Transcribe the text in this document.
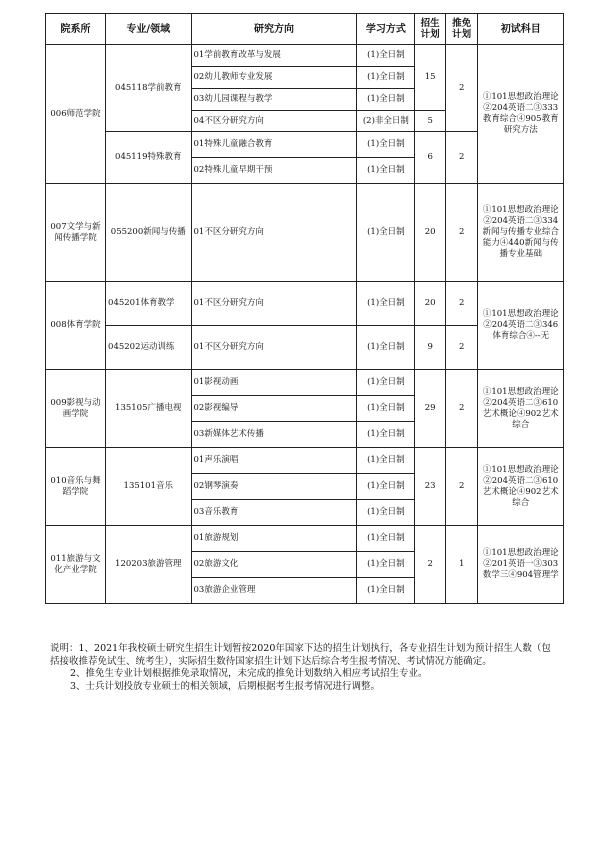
院系所	专业/领域	研究方向	学习方式	招生计划	推免计划	初试科目
006师范学院	045118学前教育	01学前教育改革与发展	(1)全日制	15	2	①101思想政治理论②204英语二③333教育综合④905教育研究方法
		02幼儿教师专业发展	(1)全日制			
		03幼儿园课程与教学	(1)全日制			
		04不区分研究方向	(2)非全日制	5		
	045119特殊教育	01特殊儿童融合教育	(1)全日制	6	2	
		02特殊儿童早期干预	(1)全日制			
007文学与新闻传播学院	055200新闻与传播	01不区分研究方向	(1)全日制	20	2	①101思想政治理论②204英语二③334新闻与传播专业综合能力④440新闻与传播专业基础
008体育学院	045201体育教学	01不区分研究方向	(1)全日制	20	2	①101思想政治理论②204英语二③346体育综合④--无
	045202运动训练	01不区分研究方向	(1)全日制	9	2	
009影视与动画学院	135105广播电视	01影视动画	(1)全日制	29	2	①101思想政治理论②204英语二③610艺术概论④902艺术综合
		02影视编导	(1)全日制			
		03新媒体艺术传播	(1)全日制			
010音乐与舞蹈学院	135101音乐	01声乐演唱	(1)全日制	23	2	①101思想政治理论②204英语二③610艺术概论④902艺术综合
		02钢琴演奏	(1)全日制			
		03音乐教育	(1)全日制			
011旅游与文化产业学院	120203旅游管理	01旅游规划	(1)全日制	2	1	①101思想政治理论②201英语一③303数学三④904管理学
		02旅游文化	(1)全日制			
		03旅游企业管理	(1)全日制			

说明：1、2021年我校硕士研究生招生计划暂按2020年国家下达的招生计划执行，各专业招生计划为预计招生人数（包括接收推荐免试生、统考生），实际招生数待国家招生计划下达后综合考生报考情况、考试情况方能确定。

2、推免生专业计划根据推免录取情况，未完成的推免计划数纳入相应考试招生专业。

3、士兵计划投放专业硕士的相关领域，后期根据考生报考情况进行调整。
